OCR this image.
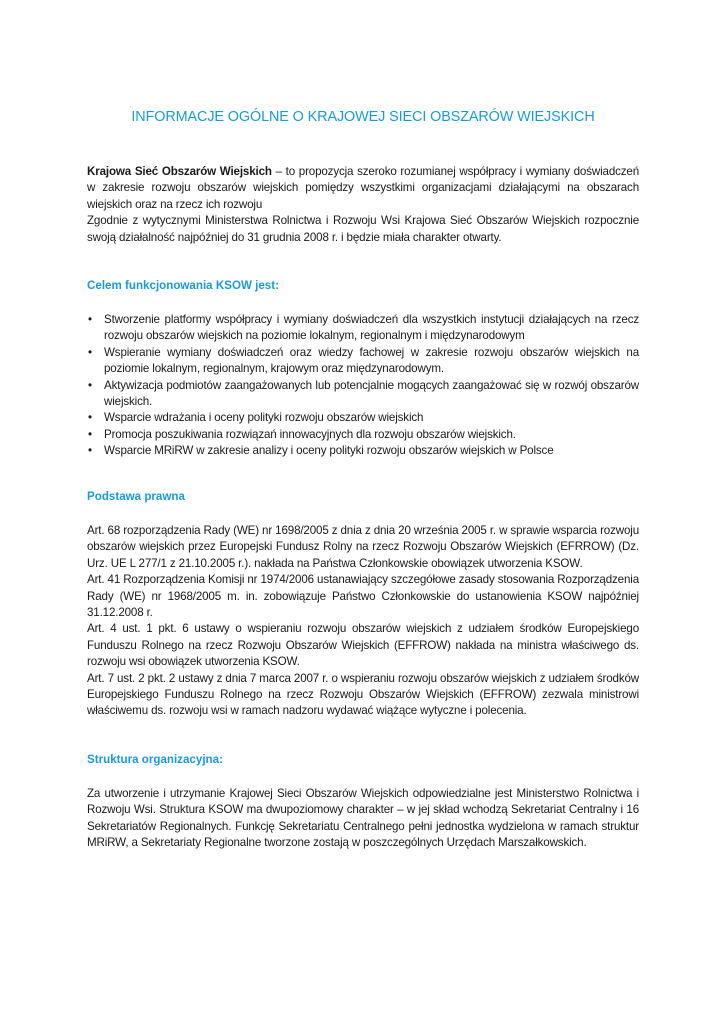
INFORMACJE OGÓLNE O KRAJOWEJ SIECI OBSZARÓW WIEJSKICH

Krajowa Sieć Obszarów Wiejskich – to propozycja szeroko rozumianej współpracy i wymiany doświadczeń w zakresie rozwoju obszarów wiejskich pomiędzy wszystkimi organizacjami działającymi na obszarach wiejskich oraz na rzecz ich rozwoju

Zgodnie z wytycznymi Ministerstwa Rolnictwa i Rozwoju Wsi Krajowa Sieć Obszarów Wiejskich rozpocznie swoją działalność najpóźniej do 31 grudnia 2008 r. i będzie miała charakter otwarty.

Celem funkcjonowania KSOW jest:

• Stworzenie platformy współpracy i wymiany doświadczeń dla wszystkich instytucji działających na rzecz rozwoju obszarów wiejskich na poziomie lokalnym, regionalnym i międzynarodowym
• Wspieranie wymiany doświadczeń oraz wiedzy fachowej w zakresie rozwoju obszarów wiejskich na poziomie lokalnym, regionalnym, krajowym oraz międzynarodowym.
• Aktywizacja podmiotów zaangażowanych lub potencjalnie mogących zaangażować się w rozwój obszarów wiejskich.
• Wsparcie wdrażania i oceny polityki rozwoju obszarów wiejskich
• Promocja poszukiwania rozwiązań innowacyjnych dla rozwoju obszarów wiejskich.
• Wsparcie MRiRW w zakresie analizy i oceny polityki rozwoju obszarów wiejskich w Polsce

Podstawa prawna

Art. 68 rozporządzenia Rady (WE) nr 1698/2005 z dnia z dnia 20 września 2005 r. w sprawie wsparcia rozwoju obszarów wiejskich przez Europejski Fundusz Rolny na rzecz Rozwoju Obszarów Wiejskich (EFRROW) (Dz. Urz. UE L 277/1 z 21.10.2005 r.). nakłada na Państwa Członkowskie obowiązek utworzenia KSOW.

Art. 41 Rozporządzenia Komisji nr 1974/2006 ustanawiający szczegółowe zasady stosowania Rozporządzenia Rady (WE) nr 1968/2005 m. in. zobowiązuje Państwo Członkowskie do ustanowienia KSOW najpóźniej 31.12.2008 r.

Art. 4 ust. 1 pkt. 6 ustawy o wspieraniu rozwoju obszarów wiejskich z udziałem środków Europejskiego Funduszu Rolnego na rzecz Rozwoju Obszarów Wiejskich (EFFROW) nakłada na ministra właściwego ds. rozwoju wsi obowiązek utworzenia KSOW.

Art. 7 ust. 2 pkt. 2 ustawy z dnia 7 marca 2007 r. o wspieraniu rozwoju obszarów wiejskich z udziałem środków Europejskiego Funduszu Rolnego na rzecz Rozwoju Obszarów Wiejskich (EFFROW) zezwala ministrowi właściwemu ds. rozwoju wsi w ramach nadzoru wydawać wiążące wytyczne i polecenia.

Struktura organizacyjna:

Za utworzenie i utrzymanie Krajowej Sieci Obszarów Wiejskich odpowiedzialne jest Ministerstwo Rolnictwa i Rozwoju Wsi. Struktura KSOW ma dwupoziomowy charakter – w jej skład wchodzą Sekretariat Centralny i 16 Sekretariatów Regionalnych. Funkcję Sekretariatu Centralnego pełni jednostka wydzielona w ramach struktur MRiRW, a Sekretariaty Regionalne tworzone zostają w poszczególnych Urzędach Marszałkowskich.
